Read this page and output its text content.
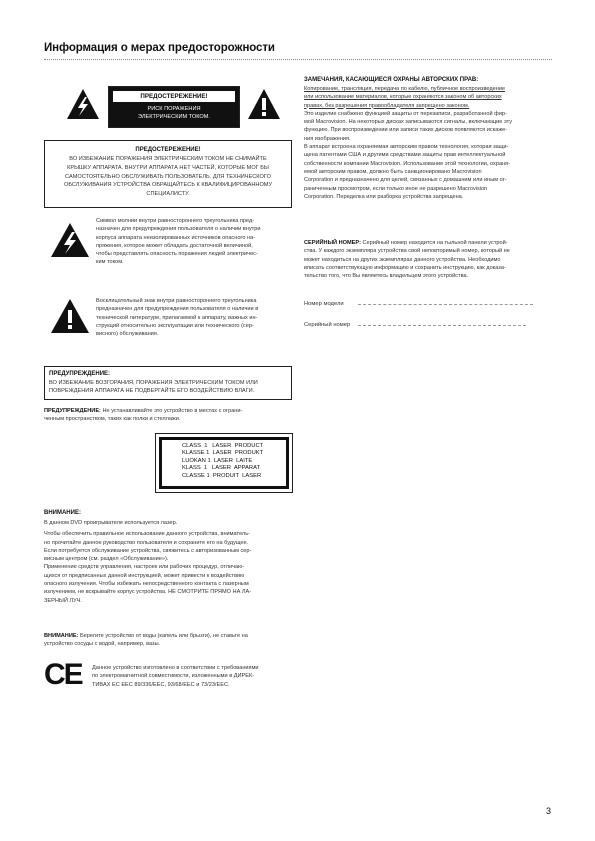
Информация о мерах предосторожности
ПРЕДОСТЕРЕЖЕНИЕ!
РИСК ПОРАЖЕНИЯ
ЭЛЕКТРИЧЕСКИМ ТОКОМ.
ПРЕДОСТЕРЕЖЕНИЕ!
ВО ИЗБЕЖАНИЕ ПОРАЖЕНИЯ ЭЛЕКТРИЧЕСКИМ ТОКОМ НЕ СНИМАЙТЕ
КРЫШКУ АППАРАТА. ВНУТРИ АППАРАТА НЕТ ЧАСТЕЙ, КОТОРЫЕ МОГ БЫ
САМОСТОЯТЕЛЬНО ОБСЛУЖИВАТЬ ПОЛЬЗОВАТЕЛЬ. ДЛЯ ТЕХНИЧЕСКОГО
ОБСЛУЖИВАНИЯ УСТРОЙСТВА ОБРАЩАЙТЕСЬ К КВАЛИФИЦИРОВАННОМУ
СПЕЦИАЛИСТУ.
Символ молнии внутри равностороннего треугольника пред-
назначен для предупреждения пользователя о наличии внутри
корпуса аппарата неизолированных источников опасного на-
пряжения, которое может обладать достаточной величиной,
чтобы представлять опасность поражения людей электричес-
ким током.
Восклицательный знак внутри равностороннего треугольника
предназначен для предупреждения пользователя о наличии в
технической литературе, прилагаемой к аппарату, важных ин-
струкций относительно эксплуатации или технического (сер-
висного) обслуживания.
ПРЕДУПРЕЖДЕНИЕ:
ВО ИЗБЕЖАНИЕ ВОЗГОРАНИЯ, ПОРАЖЕНИЯ ЭЛЕКТРИЧЕСКИМ ТОКОМ ИЛИ
ПОВРЕЖДЕНИЯ АППАРАТА НЕ ПОДВЕРГАЙТЕ ЕГО ВОЗДЕЙСТВИЮ ВЛАГИ.
ПРЕДУПРЕЖДЕНИЕ: Не устанавливайте это устройство в местах с ограни-
ченным пространством, таких как полки и стеллажи.
CLASS  1   LASER  PRODUCT
KLASSE 1  LASER  PRODUKT
LUOKAN 1  LASER  LAITE
KLASS  1   LASER  APPARAT
CLASSE 1  PRODUIT  LASER
ВНИМАНИЕ:
В данном DVD проигрывателе используется лазер.
Чтобы обеспечить правильное использование данного устройства, вниматель-
но прочитайте данное руководство пользователя и сохраните его на будущее.
Если потребуется обслуживание устройства, свяжитесь с авторизованным сер-
висным центром (см. раздел «Обслуживание»).
Применение средств управления, настроек или рабочих процедур, отличаю-
щихся от предписанных данной инструкцией, может привести к воздействию
опасного излучения. Чтобы избежать непосредственного контакта с лазерным
излучением, не вскрывайте корпус устройства. НЕ СМОТРИТЕ ПРЯМО НА ЛА-
ЗЕРНЫЙ ЛУЧ.
ВНИМАНИЕ: Берегите устройство от воды (капель или брызги), не ставьте на
устройство сосуды с водой, например, вазы.
CE Данное устройство изготовлено в соответствии с требованиями
по электромагнитной совместимости, изложенными в ДИРЕК-
ТИВАХ ЕС EEC 89/336/EEC, 93/68/EEC и 73/23/EEC.
ЗАМЕЧАНИЯ, КАСАЮЩИЕСЯ ОХРАНЫ АВТОРСКИХ ПРАВ:
Копирование, трансляция, передача по кабелю, публичное воспроизведение
или использование материалов, которые охраняются законом об авторских
правах, без разрешения правообладателя запрещено законом.
Это изделие снабжено функцией защиты от перезаписи, разработанной фир-
мой Macrovision. На некоторых дисках записываются сигналы, включающие эту
функцию. При воспроизведении или записи таких дисков появляются искаже-
ния изображения.
В аппарат встроена охраняемая авторским правом технология, которая защи-
щена патентами США и другими средствами защиты прав интеллектуальной
собственности компании Macrovision. Использование этой технологии, охраня-
емой авторским правом, должно быть санкционировано Macrovision
Corporation и предназначено для целей, связанных с домашним или иным ог-
раниченным просмотром, если только иное не разрешено Macrovision
Corporation. Переделка или разборка устройства запрещена.
СЕРИЙНЫЙ НОМЕР: Серийный номер находится на тыльной панели устрой-
ства. У каждого экземпляра устройства свой неповторимый номер, который не
может находиться на других экземплярах данного устройства. Необходимо
вписать соответствующую информацию и сохранить инструкцию, как доказа-
тельство того, что Вы являетесь владельцем этого устройства.
Номер модели
Серийный номер
3
